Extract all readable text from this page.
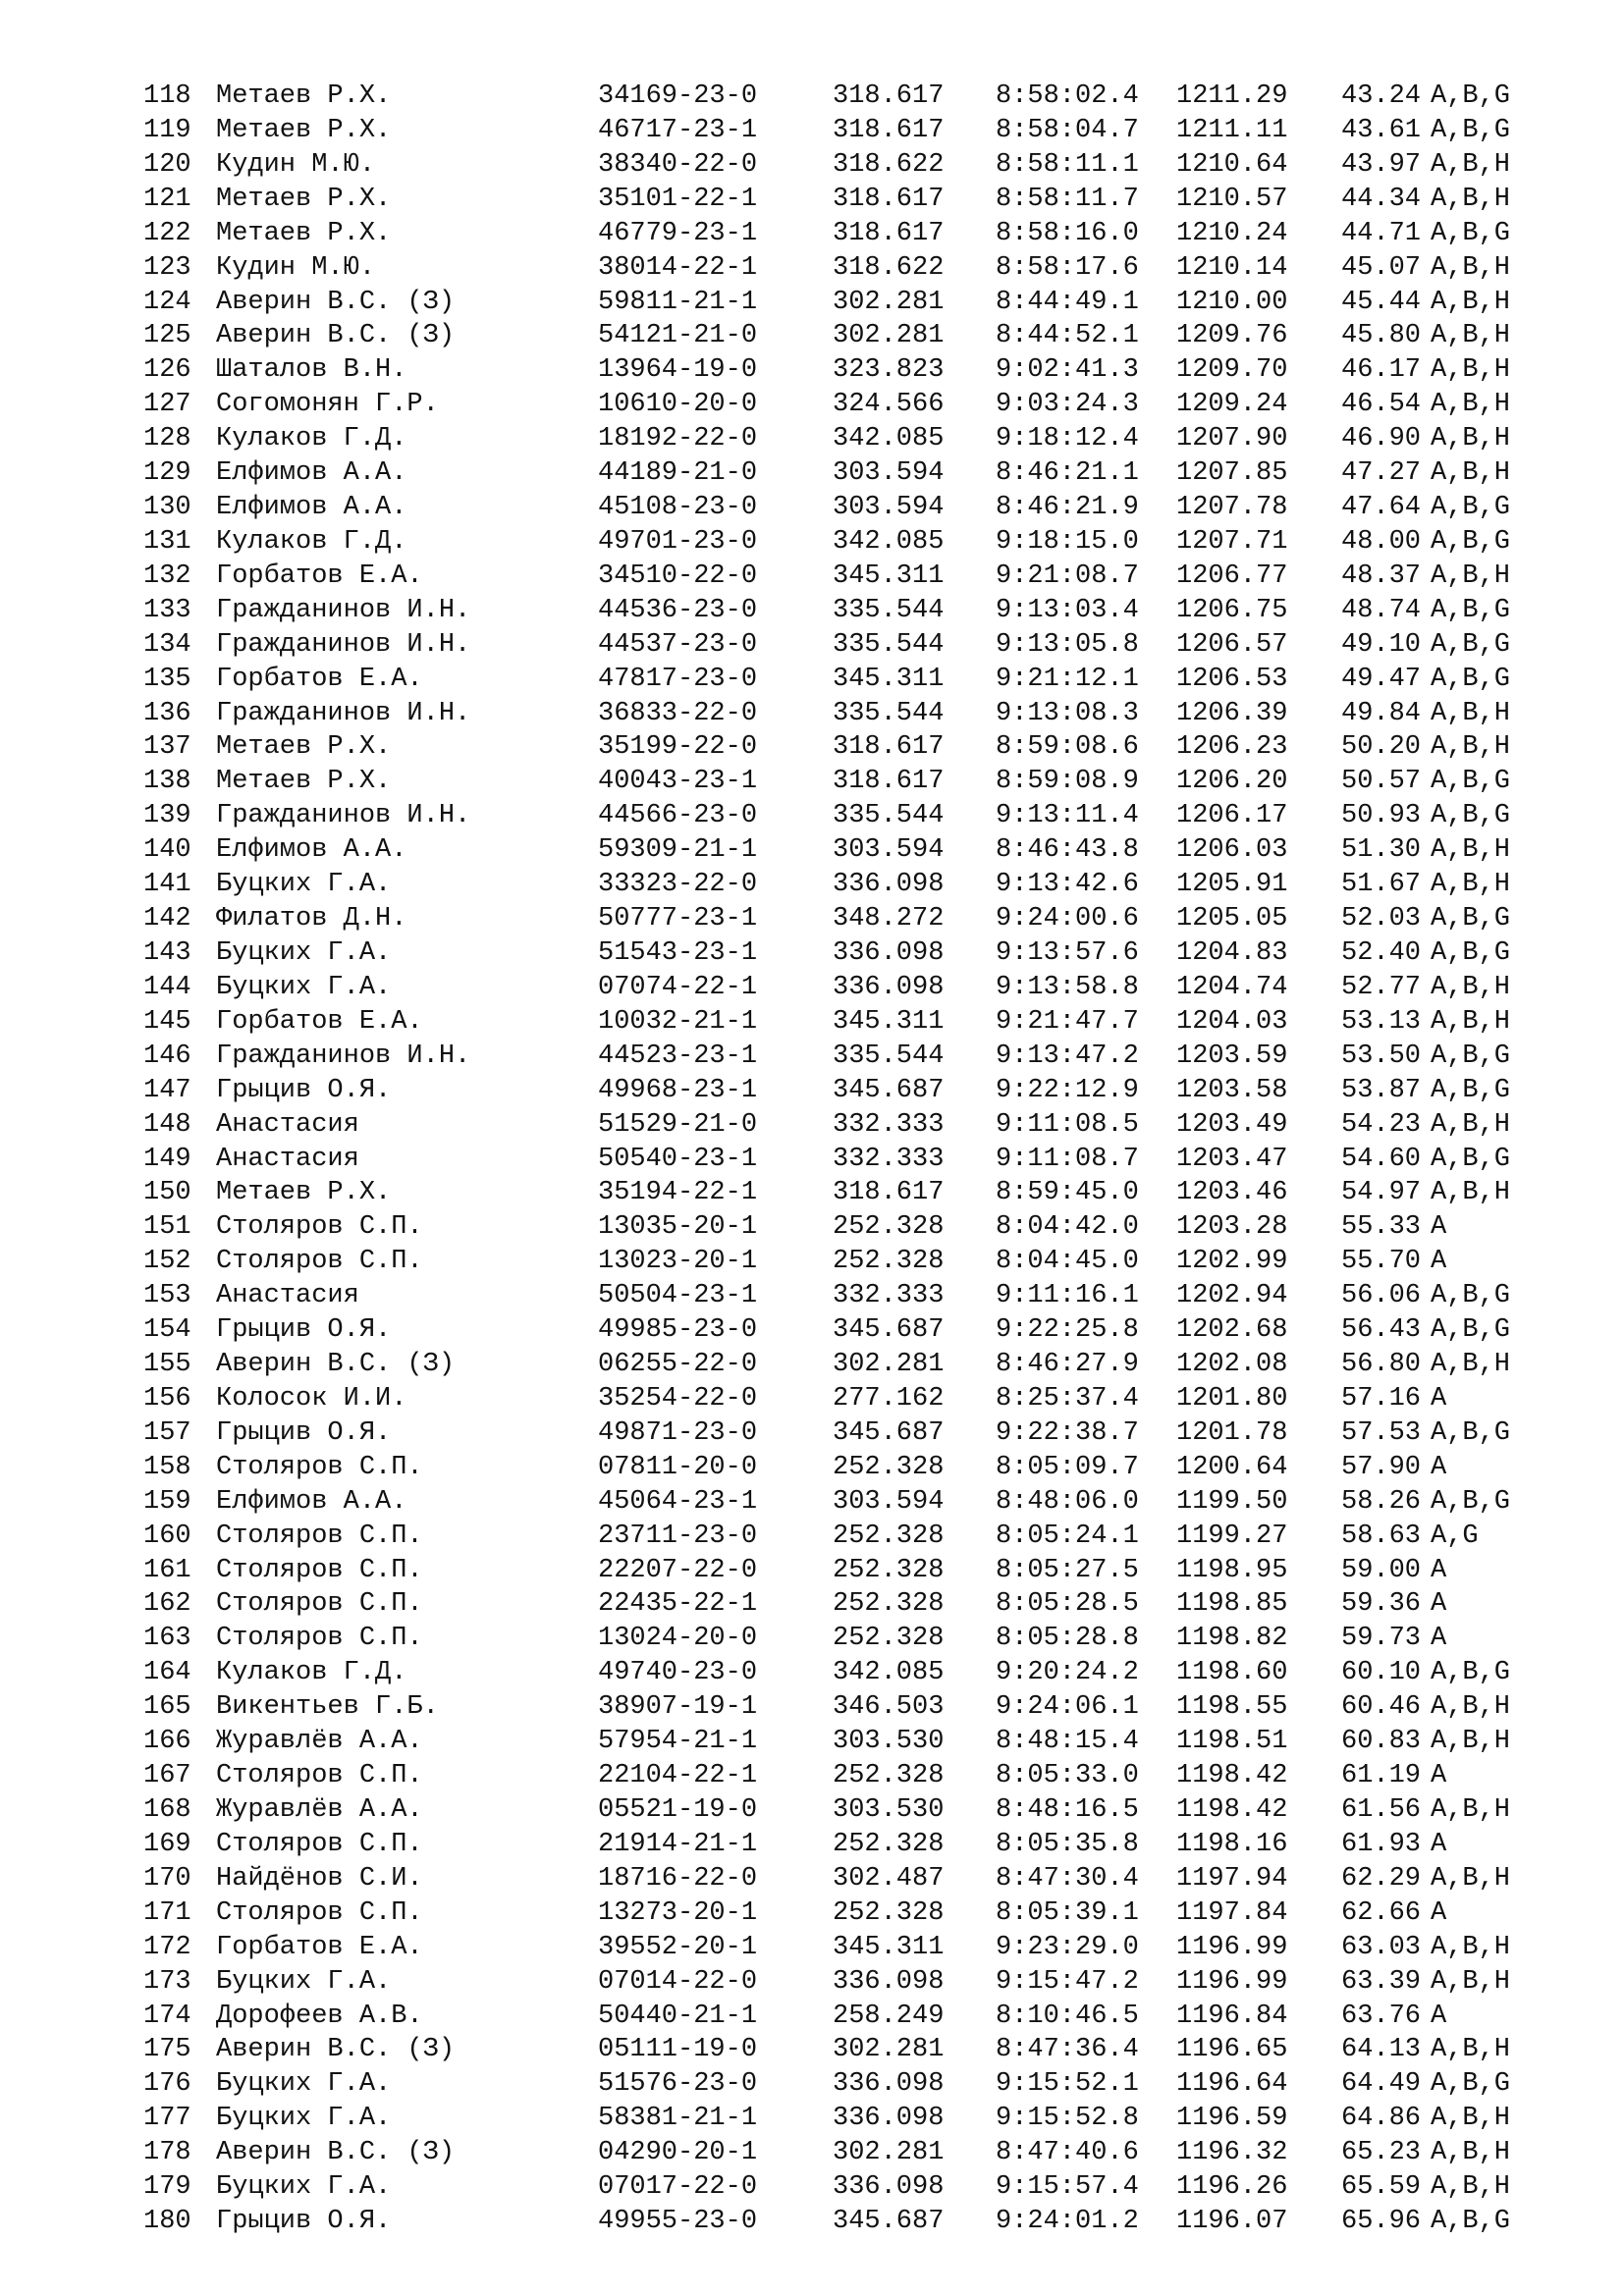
118 Метаев Р.Х.	34169-23-0	318.617 8:58:02.4 1211.29 43.24 A,B,G
119 Метаев Р.Х.	46717-23-1	318.617 8:58:04.7 1211.11 43.61 A,B,G
120 Кудин М.Ю.	38340-22-0	318.622 8:58:11.1 1210.64 43.97 A,B,H
121 Метаев Р.Х.	35101-22-1	318.617 8:58:11.7 1210.57 44.34 A,B,H
122 Метаев Р.Х.	46779-23-1	318.617 8:58:16.0 1210.24 44.71 A,B,G
123 Кудин М.Ю.	38014-22-1	318.622 8:58:17.6 1210.14 45.07 A,B,H
124 Аверин В.С. (З)	59811-21-1	302.281 8:44:49.1 1210.00 45.44 A,B,H
125 Аверин В.С. (З)	54121-21-0	302.281 8:44:52.1 1209.76 45.80 A,B,H
126 Шаталов В.Н.	13964-19-0	323.823 9:02:41.3 1209.70 46.17 A,B,H
127 Согомонян Г.Р.	10610-20-0	324.566 9:03:24.3 1209.24 46.54 A,B,H
128 Кулаков Г.Д.	18192-22-0	342.085 9:18:12.4 1207.90 46.90 A,B,H
129 Елфимов А.А.	44189-21-0	303.594 8:46:21.1 1207.85 47.27 A,B,H
130 Елфимов А.А.	45108-23-0	303.594 8:46:21.9 1207.78 47.64 A,B,G
131 Кулаков Г.Д.	49701-23-0	342.085 9:18:15.0 1207.71 48.00 A,B,G
132 Горбатов Е.А.	34510-22-0	345.311 9:21:08.7 1206.77 48.37 A,B,H
133 Гражданинов И.Н.	44536-23-0	335.544 9:13:03.4 1206.75 48.74 A,B,G
134 Гражданинов И.Н.	44537-23-0	335.544 9:13:05.8 1206.57 49.10 A,B,G
135 Горбатов Е.А.	47817-23-0	345.311 9:21:12.1 1206.53 49.47 A,B,G
136 Гражданинов И.Н.	36833-22-0	335.544 9:13:08.3 1206.39 49.84 A,B,H
137 Метаев Р.Х.	35199-22-0	318.617 8:59:08.6 1206.23 50.20 A,B,H
138 Метаев Р.Х.	40043-23-1	318.617 8:59:08.9 1206.20 50.57 A,B,G
139 Гражданинов И.Н.	44566-23-0	335.544 9:13:11.4 1206.17 50.93 A,B,G
140 Елфимов А.А.	59309-21-1	303.594 8:46:43.8 1206.03 51.30 A,B,H
141 Буцких Г.А.	33323-22-0	336.098 9:13:42.6 1205.91 51.67 A,B,H
142 Филатов Д.Н.	50777-23-1	348.272 9:24:00.6 1205.05 52.03 A,B,G
143 Буцких Г.А.	51543-23-1	336.098 9:13:57.6 1204.83 52.40 A,B,G
144 Буцких Г.А.	07074-22-1	336.098 9:13:58.8 1204.74 52.77 A,B,H
145 Горбатов Е.А.	10032-21-1	345.311 9:21:47.7 1204.03 53.13 A,B,H
146 Гражданинов И.Н.	44523-23-1	335.544 9:13:47.2 1203.59 53.50 A,B,G
147 Грыцив О.Я.	49968-23-1	345.687 9:22:12.9 1203.58 53.87 A,B,G
148 Анастасия	51529-21-0	332.333 9:11:08.5 1203.49 54.23 A,B,H
149 Анастасия	50540-23-1	332.333 9:11:08.7 1203.47 54.60 A,B,G
150 Метаев Р.Х.	35194-22-1	318.617 8:59:45.0 1203.46 54.97 A,B,H
151 Столяров С.П.	13035-20-1	252.328 8:04:42.0 1203.28 55.33 A
152 Столяров С.П.	13023-20-1	252.328 8:04:45.0 1202.99 55.70 A
153 Анастасия	50504-23-1	332.333 9:11:16.1 1202.94 56.06 A,B,G
154 Грыцив О.Я.	49985-23-0	345.687 9:22:25.8 1202.68 56.43 A,B,G
155 Аверин В.С. (З)	06255-22-0	302.281 8:46:27.9 1202.08 56.80 A,B,H
156 Колосок И.И.	35254-22-0	277.162 8:25:37.4 1201.80 57.16 A
157 Грыцив О.Я.	49871-23-0	345.687 9:22:38.7 1201.78 57.53 A,B,G
158 Столяров С.П.	07811-20-0	252.328 8:05:09.7 1200.64 57.90 A
159 Елфимов А.А.	45064-23-1	303.594 8:48:06.0 1199.50 58.26 A,B,G
160 Столяров С.П.	23711-23-0	252.328 8:05:24.1 1199.27 58.63 A,G
161 Столяров С.П.	22207-22-0	252.328 8:05:27.5 1198.95 59.00 A
162 Столяров С.П.	22435-22-1	252.328 8:05:28.5 1198.85 59.36 A
163 Столяров С.П.	13024-20-0	252.328 8:05:28.8 1198.82 59.73 A
164 Кулаков Г.Д.	49740-23-0	342.085 9:20:24.2 1198.60 60.10 A,B,G
165 Викентьев Г.Б.	38907-19-1	346.503 9:24:06.1 1198.55 60.46 A,B,H
166 Журавлёв А.А.	57954-21-1	303.530 8:48:15.4 1198.51 60.83 A,B,H
167 Столяров С.П.	22104-22-1	252.328 8:05:33.0 1198.42 61.19 A
168 Журавлёв А.А.	05521-19-0	303.530 8:48:16.5 1198.42 61.56 A,B,H
169 Столяров С.П.	21914-21-1	252.328 8:05:35.8 1198.16 61.93 A
170 Найдёнов С.И.	18716-22-0	302.487 8:47:30.4 1197.94 62.29 A,B,H
171 Столяров С.П.	13273-20-1	252.328 8:05:39.1 1197.84 62.66 A
172 Горбатов Е.А.	39552-20-1	345.311 9:23:29.0 1196.99 63.03 A,B,H
173 Буцких Г.А.	07014-22-0	336.098 9:15:47.2 1196.99 63.39 A,B,H
174 Дорофеев А.В.	50440-21-1	258.249 8:10:46.5 1196.84 63.76 A
175 Аверин В.С. (З)	05111-19-0	302.281 8:47:36.4 1196.65 64.13 A,B,H
176 Буцких Г.А.	51576-23-0	336.098 9:15:52.1 1196.64 64.49 A,B,G
177 Буцких Г.А.	58381-21-1	336.098 9:15:52.8 1196.59 64.86 A,B,H
178 Аверин В.С. (З)	04290-20-1	302.281 8:47:40.6 1196.32 65.23 A,B,H
179 Буцких Г.А.	07017-22-0	336.098 9:15:57.4 1196.26 65.59 A,B,H
180 Грыцив О.Я.	49955-23-0	345.687 9:24:01.2 1196.07 65.96 A,B,G
